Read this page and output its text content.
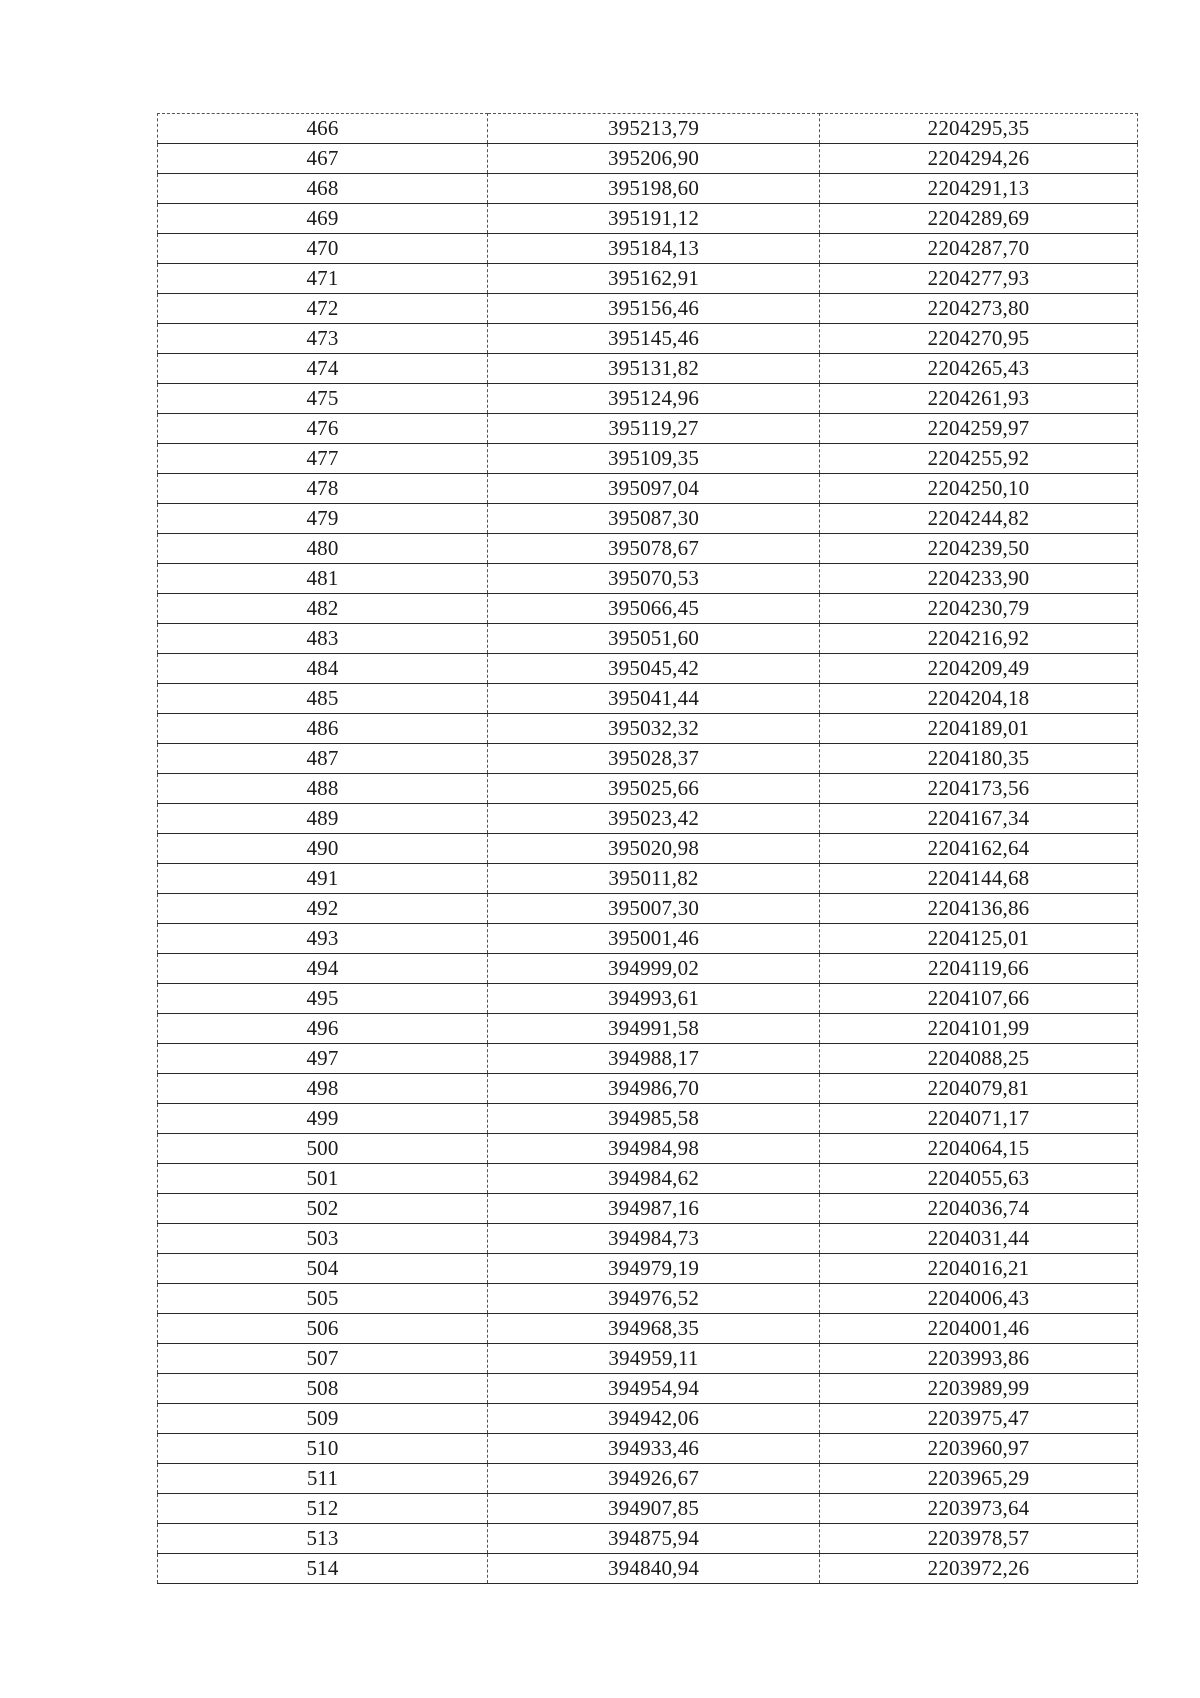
466	395213,79	2204295,35
467	395206,90	2204294,26
468	395198,60	2204291,13
469	395191,12	2204289,69
470	395184,13	2204287,70
471	395162,91	2204277,93
472	395156,46	2204273,80
473	395145,46	2204270,95
474	395131,82	2204265,43
475	395124,96	2204261,93
476	395119,27	2204259,97
477	395109,35	2204255,92
478	395097,04	2204250,10
479	395087,30	2204244,82
480	395078,67	2204239,50
481	395070,53	2204233,90
482	395066,45	2204230,79
483	395051,60	2204216,92
484	395045,42	2204209,49
485	395041,44	2204204,18
486	395032,32	2204189,01
487	395028,37	2204180,35
488	395025,66	2204173,56
489	395023,42	2204167,34
490	395020,98	2204162,64
491	395011,82	2204144,68
492	395007,30	2204136,86
493	395001,46	2204125,01
494	394999,02	2204119,66
495	394993,61	2204107,66
496	394991,58	2204101,99
497	394988,17	2204088,25
498	394986,70	2204079,81
499	394985,58	2204071,17
500	394984,98	2204064,15
501	394984,62	2204055,63
502	394987,16	2204036,74
503	394984,73	2204031,44
504	394979,19	2204016,21
505	394976,52	2204006,43
506	394968,35	2204001,46
507	394959,11	2203993,86
508	394954,94	2203989,99
509	394942,06	2203975,47
510	394933,46	2203960,97
511	394926,67	2203965,29
512	394907,85	2203973,64
513	394875,94	2203978,57
514	394840,94	2203972,26
